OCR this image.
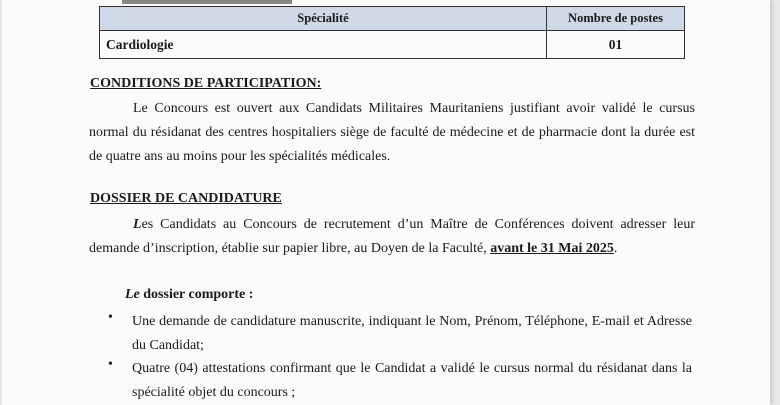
Spécialité	Nombre de postes
Cardiologie	01
CONDITIONS DE PARTICIPATION:
Le Concours est ouvert aux Candidats Militaires Mauritaniens justifiant avoir validé le cursus normal du résidanat des centres hospitaliers siège de faculté de médecine et de pharmacie dont la durée est de quatre ans au moins pour les spécialités médicales.
DOSSIER DE CANDIDATURE
Les Candidats au Concours de recrutement d’un Maître de Conférences doivent adresser leur demande d’inscription, établie sur papier libre, au Doyen de la Faculté, avant le 31 Mai 2025.
Le dossier comporte :
• Une demande de candidature manuscrite, indiquant le Nom, Prénom, Téléphone, E-mail et Adresse du Candidat;
• Quatre (04) attestations confirmant que le Candidat a validé le cursus normal du résidanat dans la spécialité objet du concours ;
